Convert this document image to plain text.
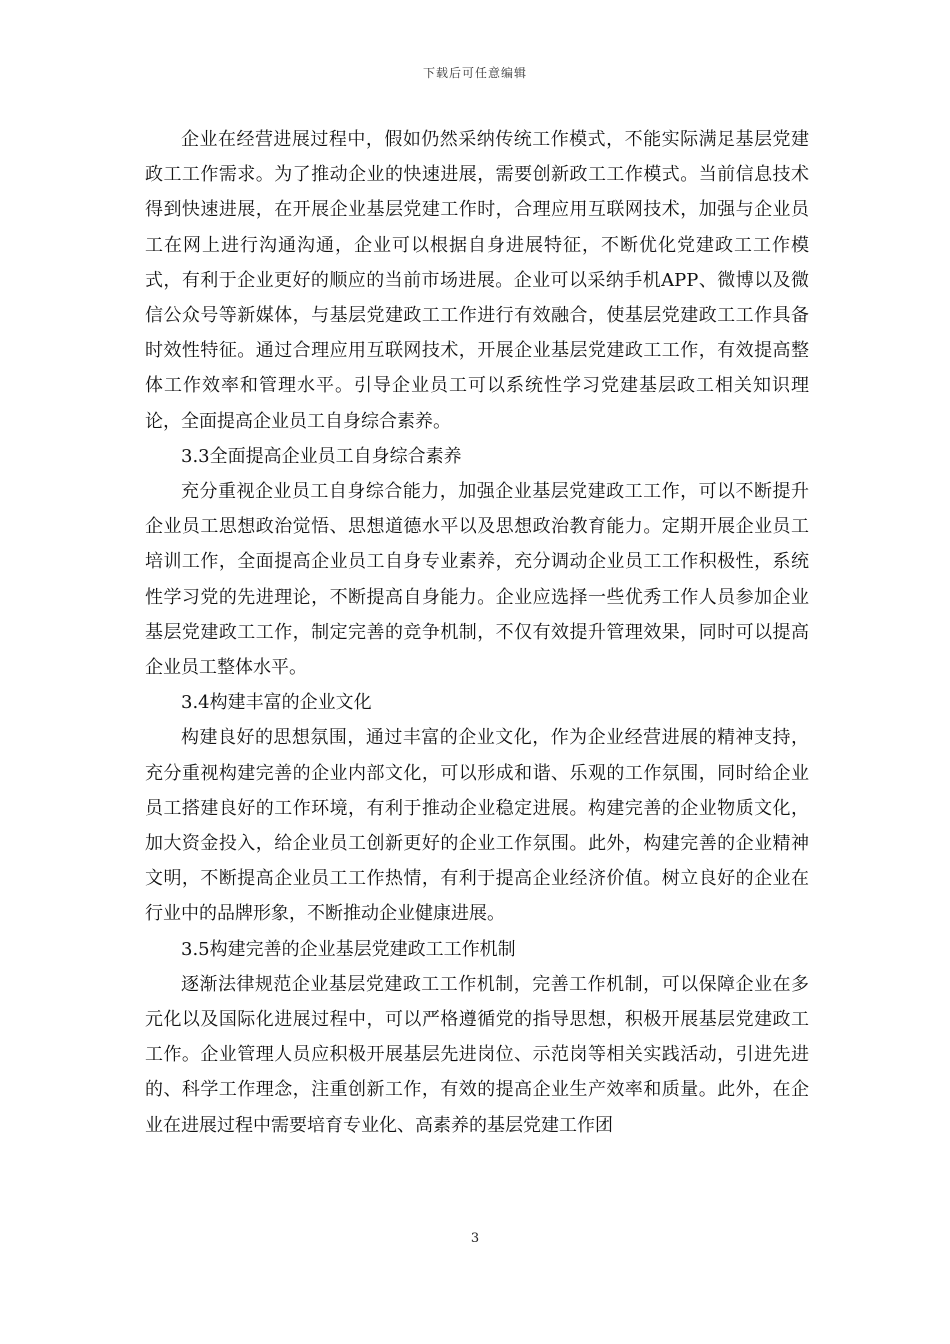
下载后可任意编辑

企业在经营进展过程中，假如仍然采纳传统工作模式，不能实际满足基层党建政工工作需求。为了推动企业的快速进展，需要创新政工工作模式。当前信息技术得到快速进展，在开展企业基层党建工作时，合理应用互联网技术，加强与企业员工在网上进行沟通沟通，企业可以根据自身进展特征，不断优化党建政工工作模式，有利于企业更好的顺应的当前市场进展。企业可以采纳手机APP、微博以及微信公众号等新媒体，与基层党建政工工作进行有效融合，使基层党建政工工作具备时效性特征。通过合理应用互联网技术，开展企业基层党建政工工作，有效提高整体工作效率和管理水平。引导企业员工可以系统性学习党建基层政工相关知识理论，全面提高企业员工自身综合素养。

3.3全面提高企业员工自身综合素养

充分重视企业员工自身综合能力，加强企业基层党建政工工作，可以不断提升企业员工思想政治觉悟、思想道德水平以及思想政治教育能力。定期开展企业员工培训工作，全面提高企业员工自身专业素养，充分调动企业员工工作积极性，系统性学习党的先进理论，不断提高自身能力。企业应选择一些优秀工作人员参加企业基层党建政工工作，制定完善的竞争机制，不仅有效提升管理效果，同时可以提高企业员工整体水平。

3.4构建丰富的企业文化

构建良好的思想氛围，通过丰富的企业文化，作为企业经营进展的精神支持，充分重视构建完善的企业内部文化，可以形成和谐、乐观的工作氛围，同时给企业员工搭建良好的工作环境，有利于推动企业稳定进展。构建完善的企业物质文化，加大资金投入，给企业员工创新更好的企业工作氛围。此外，构建完善的企业精神文明，不断提高企业员工工作热情，有利于提高企业经济价值。树立良好的企业在行业中的品牌形象，不断推动企业健康进展。

3.5构建完善的企业基层党建政工工作机制

逐渐法律规范企业基层党建政工工作机制，完善工作机制，可以保障企业在多元化以及国际化进展过程中，可以严格遵循党的指导思想，积极开展基层党建政工工作。企业管理人员应积极开展基层先进岗位、示范岗等相关实践活动，引进先进的、科学工作理念，注重创新工作，有效的提高企业生产效率和质量。此外，在企业在进展过程中需要培育专业化、高素养的基层党建工作团

3
